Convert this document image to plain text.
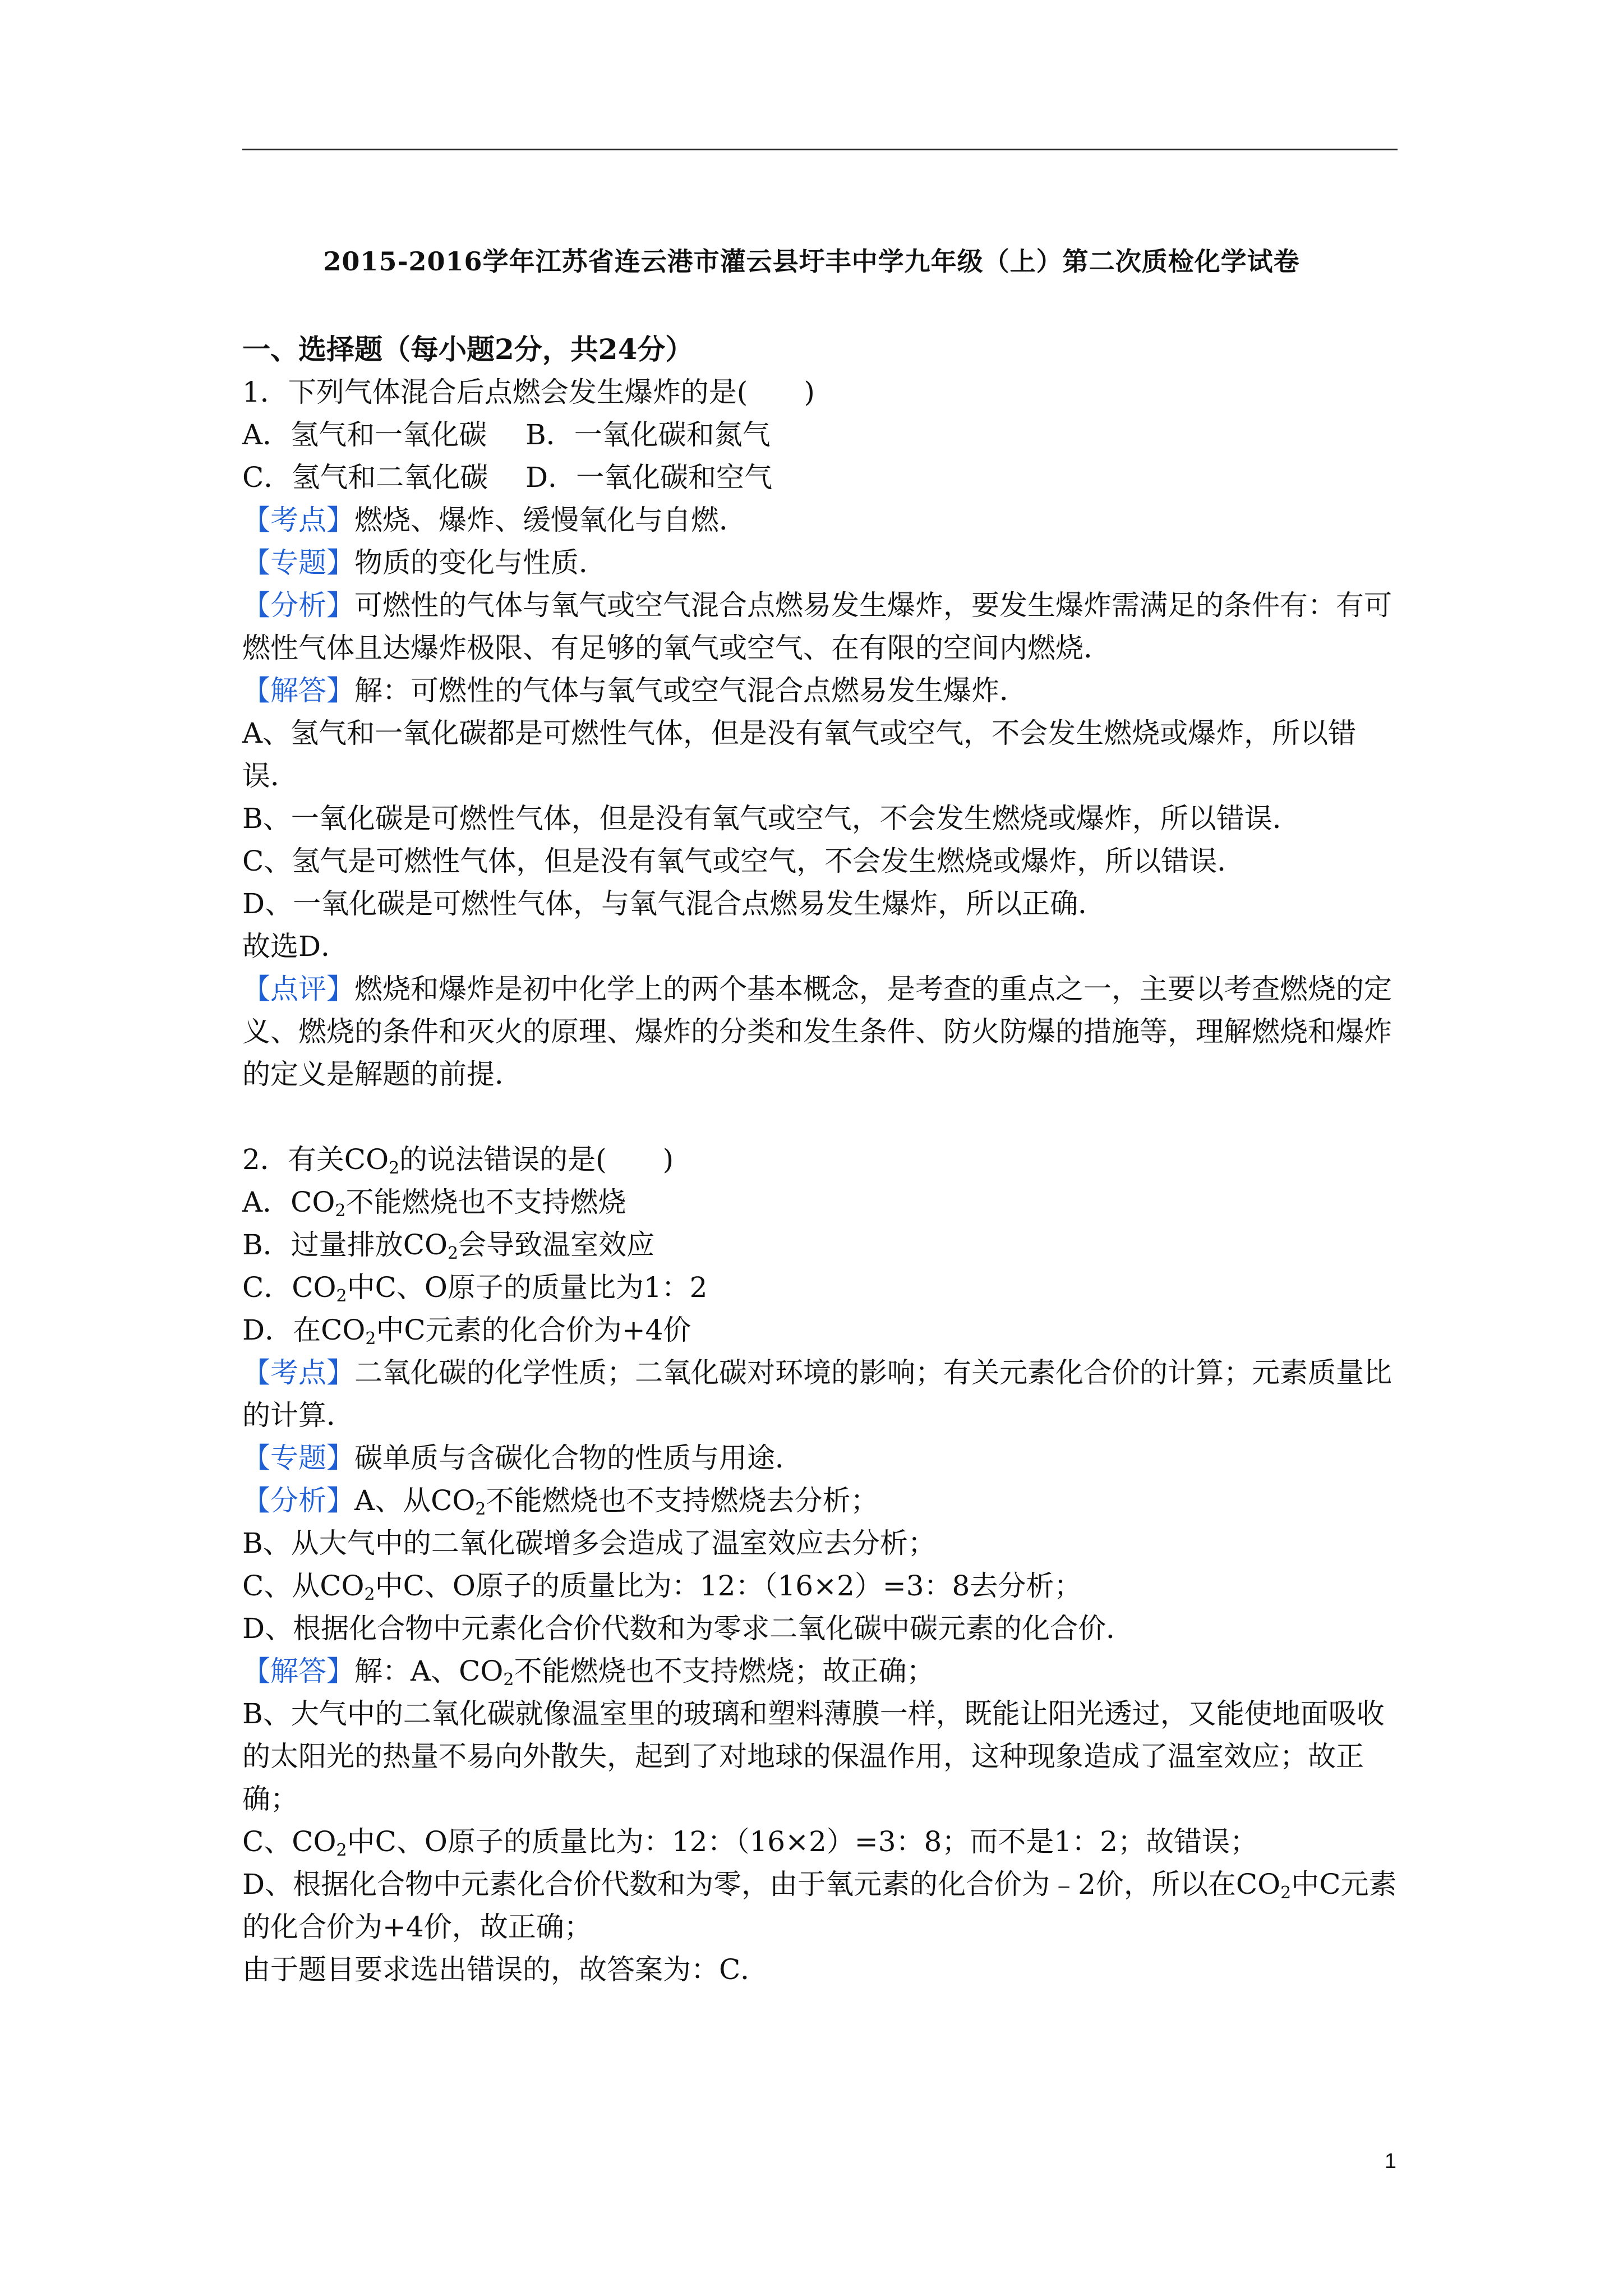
2015-2016学年江苏省连云港市灌云县圩丰中学九年级（上）第二次质检化学试卷

一、选择题（每小题2分，共24分）

1．下列气体混合后点燃会发生爆炸的是(　　)

A．氢气和一氧化碳 B．一氧化碳和氮气

C．氢气和二氧化碳 D．一氧化碳和空气

【考点】燃烧、爆炸、缓慢氧化与自燃．

【专题】物质的变化与性质．

【分析】可燃性的气体与氧气或空气混合点燃易发生爆炸，要发生爆炸需满足的条件有：有可燃性气体且达爆炸极限、有足够的氧气或空气、在有限的空间内燃烧．

【解答】解：可燃性的气体与氧气或空气混合点燃易发生爆炸．

A、氢气和一氧化碳都是可燃性气体，但是没有氧气或空气，不会发生燃烧或爆炸，所以错误．

B、一氧化碳是可燃性气体，但是没有氧气或空气，不会发生燃烧或爆炸，所以错误．

C、氢气是可燃性气体，但是没有氧气或空气，不会发生燃烧或爆炸，所以错误．

D、一氧化碳是可燃性气体，与氧气混合点燃易发生爆炸，所以正确．

故选D．

【点评】燃烧和爆炸是初中化学上的两个基本概念，是考查的重点之一，主要以考查燃烧的定义、燃烧的条件和灭火的原理、爆炸的分类和发生条件、防火防爆的措施等，理解燃烧和爆炸的定义是解题的前提．

2．有关$CO_2$的说法错误的是(　　)

A．$CO_2$不能燃烧也不支持燃烧

B．过量排放$CO_2$会导致温室效应

C．$CO_2$中C、O原子的质量比为1：2

D．在$CO_2$中C元素的化合价为+4价

【考点】二氧化碳的化学性质；二氧化碳对环境的影响；有关元素化合价的计算；元素质量比的计算．

【专题】碳单质与含碳化合物的性质与用途．

【分析】A、从$CO_2$不能燃烧也不支持燃烧去分析；

B、从大气中的二氧化碳增多会造成了温室效应去分析；

C、从$CO_2$中C、O原子的质量比为：12：（16×2）=3：8去分析；

D、根据化合物中元素化合价代数和为零求二氧化碳中碳元素的化合价．

【解答】解：A、$CO_2$不能燃烧也不支持燃烧；故正确；

B、大气中的二氧化碳就像温室里的玻璃和塑料薄膜一样，既能让阳光透过，又能使地面吸收的太阳光的热量不易向外散失，起到了对地球的保温作用，这种现象造成了温室效应；故正确；

C、$CO_2$中C、O原子的质量比为：12：（16×2）=3：8；而不是1：2；故错误；

D、根据化合物中元素化合价代数和为零，由于氧元素的化合价为﹣2价，所以在$CO_2$中C元素的化合价为+4价，故正确；

由于题目要求选出错误的，故答案为：C．

1
